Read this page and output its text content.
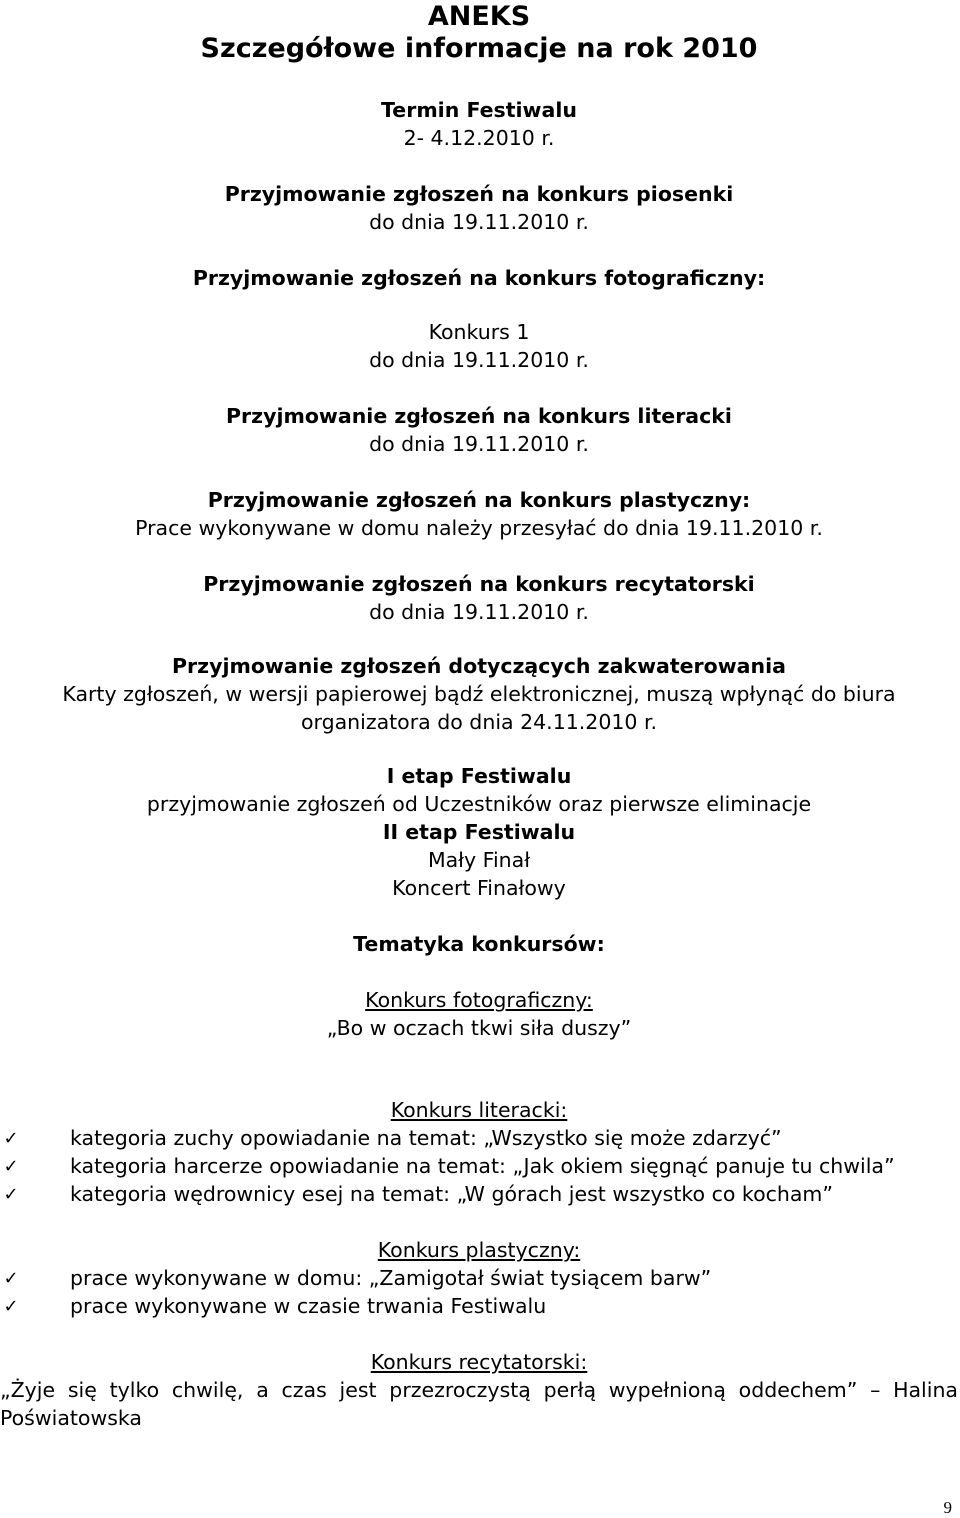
ANEKS
Szczegółowe informacje na rok 2010
Termin Festiwalu
2- 4.12.2010 r.
Przyjmowanie zgłoszeń na konkurs piosenki
do dnia 19.11.2010 r.
Przyjmowanie zgłoszeń na konkurs fotograficzny:
Konkurs 1
do dnia 19.11.2010 r.
Przyjmowanie zgłoszeń na konkurs literacki
do dnia 19.11.2010 r.
Przyjmowanie zgłoszeń na konkurs plastyczny:
Prace wykonywane w domu należy przesyłać do dnia 19.11.2010 r.
Przyjmowanie zgłoszeń na konkurs recytatorski
do dnia 19.11.2010 r.
Przyjmowanie zgłoszeń dotyczących zakwaterowania
Karty zgłoszeń, w wersji papierowej bądź elektronicznej, muszą wpłynąć do biura
organizatora do dnia 24.11.2010 r.
I etap Festiwalu
przyjmowanie zgłoszeń od Uczestników oraz pierwsze eliminacje
II etap Festiwalu
Mały Finał
Koncert Finałowy
Tematyka konkursów:
Konkurs fotograficzny:
„Bo w oczach tkwi siła duszy”
Konkurs literacki:
✓	kategoria zuchy opowiadanie na temat: „Wszystko się może zdarzyć”
✓	kategoria harcerze opowiadanie na temat: „Jak okiem sięgnąć panuje tu chwila”
✓	kategoria wędrownicy esej na temat: „W górach jest wszystko co kocham”
Konkurs plastyczny:
✓	prace wykonywane w domu: „Zamigotał świat tysiącem barw”
✓	prace wykonywane w czasie trwania Festiwalu
Konkurs recytatorski:
„Żyje się tylko chwilę, a czas jest przezroczystą perłą wypełnioną oddechem” – Halina
Poświatowska
9
